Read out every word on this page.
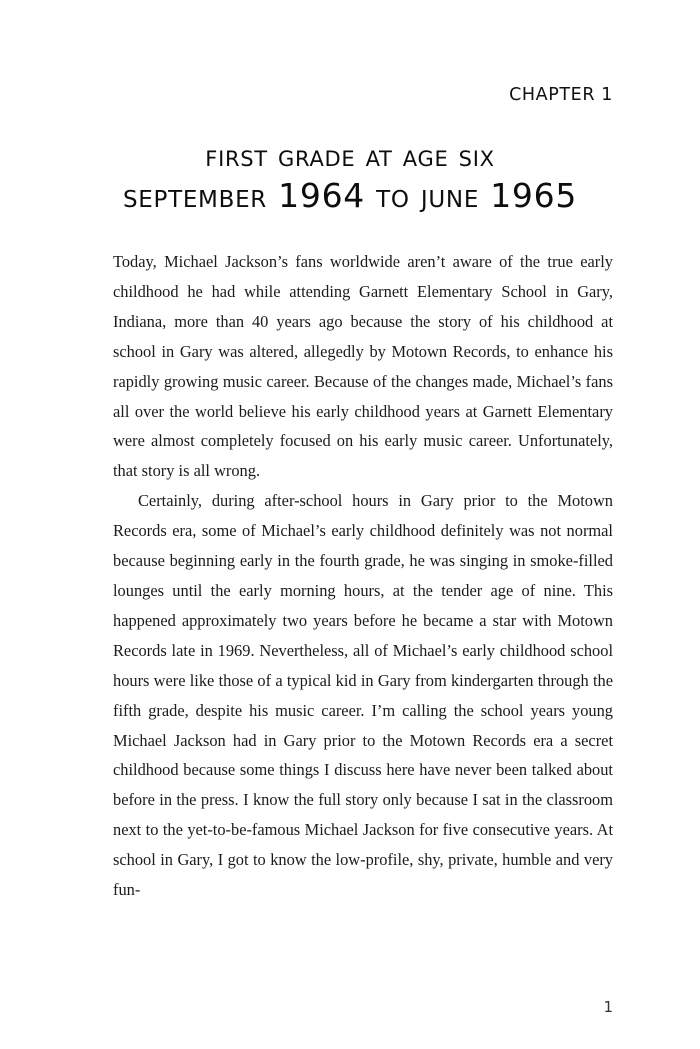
CHAPTER 1
first grade at age six
september 1964 to june 1965

Today, Michael Jackson’s fans worldwide aren’t aware of the true early childhood he had while attending Garnett Elementary School in Gary, Indiana, more than 40 years ago because the story of his childhood at school in Gary was altered, allegedly by Motown Records, to enhance his rapidly growing music career. Because of the changes made, Michael’s fans all over the world believe his early childhood years at Garnett Elementary were almost completely focused on his early music career. Unfortunately, that story is all wrong.

Certainly, during after-school hours in Gary prior to the Motown Records era, some of Michael’s early childhood definitely was not normal because beginning early in the fourth grade, he was singing in smoke-filled lounges until the early morning hours, at the tender age of nine. This happened approximately two years before he became a star with Motown Records late in 1969. Nevertheless, all of Michael’s early childhood school hours were like those of a typical kid in Gary from kindergarten through the fifth grade, despite his music career. I’m calling the school years young Michael Jackson had in Gary prior to the Motown Records era a secret childhood because some things I discuss here have never been talked about before in the press. I know the full story only because I sat in the classroom next to the yet-to-be-famous Michael Jackson for five consecutive years. At school in Gary, I got to know the low-profile, shy, private, humble and very fun-

1
